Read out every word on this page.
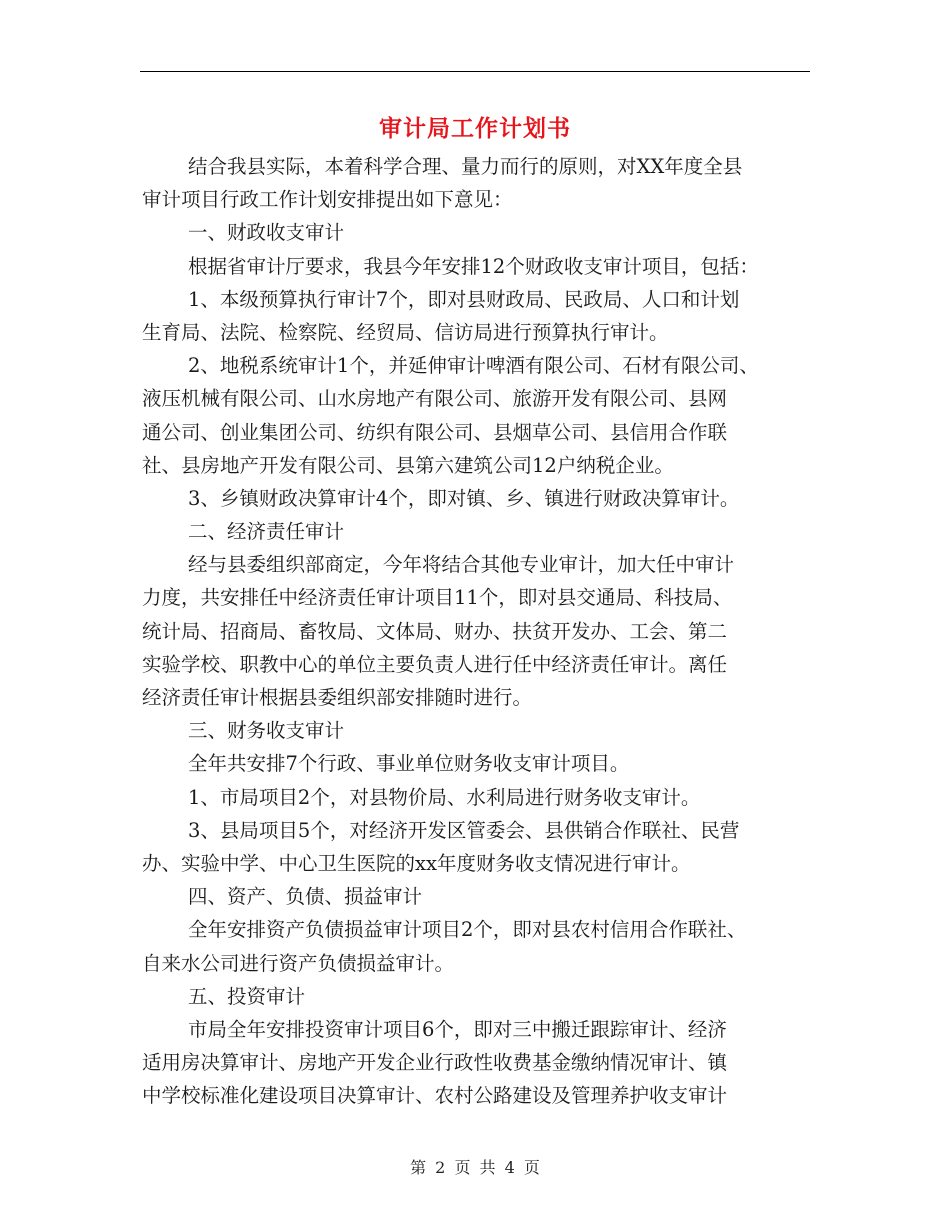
审计局工作计划书
结合我县实际，本着科学合理、量力而行的原则，对XX年度全县
审计项目行政工作计划安排提出如下意见：
一、财政收支审计
根据省审计厅要求，我县今年安排12个财政收支审计项目，包括：
1、本级预算执行审计7个，即对县财政局、民政局、人口和计划
生育局、法院、检察院、经贸局、信访局进行预算执行审计。
2、地税系统审计1个，并延伸审计啤酒有限公司、石材有限公司、
液压机械有限公司、山水房地产有限公司、旅游开发有限公司、县网
通公司、创业集团公司、纺织有限公司、县烟草公司、县信用合作联
社、县房地产开发有限公司、县第六建筑公司12户纳税企业。
3、乡镇财政决算审计4个，即对镇、乡、镇进行财政决算审计。
二、经济责任审计
经与县委组织部商定，今年将结合其他专业审计，加大任中审计
力度，共安排任中经济责任审计项目11个，即对县交通局、科技局、
统计局、招商局、畜牧局、文体局、财办、扶贫开发办、工会、第二
实验学校、职教中心的单位主要负责人进行任中经济责任审计。离任
经济责任审计根据县委组织部安排随时进行。
三、财务收支审计
全年共安排7个行政、事业单位财务收支审计项目。
1、市局项目2个，对县物价局、水利局进行财务收支审计。
3、县局项目5个，对经济开发区管委会、县供销合作联社、民营
办、实验中学、中心卫生医院的xx年度财务收支情况进行审计。
四、资产、负债、损益审计
全年安排资产负债损益审计项目2个，即对县农村信用合作联社、
自来水公司进行资产负债损益审计。
五、投资审计
市局全年安排投资审计项目6个，即对三中搬迁跟踪审计、经济
适用房决算审计、房地产开发企业行政性收费基金缴纳情况审计、镇
中学校标准化建设项目决算审计、农村公路建设及管理养护收支审计
第 2 页 共 4 页
